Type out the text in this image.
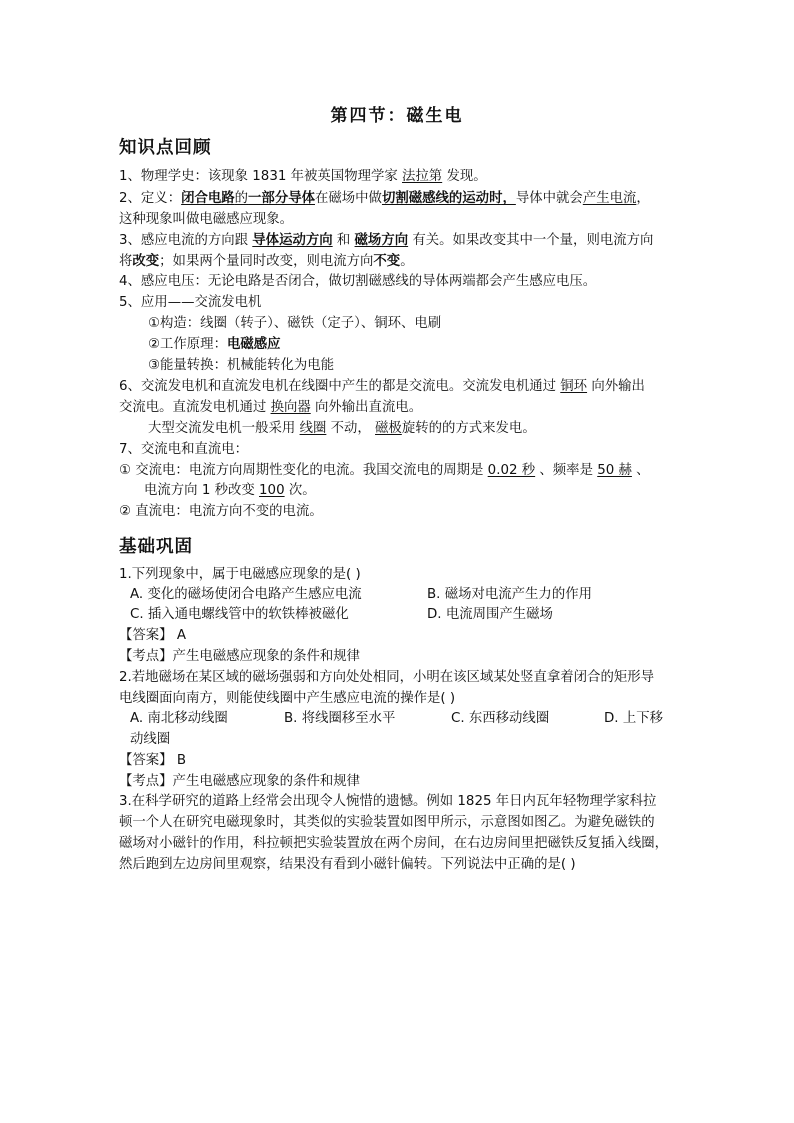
第四节：磁生电
知识点回顾
1、物理学史：该现象 1831 年被英国物理学家 法拉第 发现。
2、定义：闭合电路的一部分导体在磁场中做切割磁感线的运动时，导体中就会产生电流，
这种现象叫做电磁感应现象。
3、感应电流的方向跟 导体运动方向 和 磁场方向 有关。如果改变其中一个量，则电流方向
将改变；如果两个量同时改变，则电流方向不变。
4、感应电压：无论电路是否闭合，做切割磁感线的导体两端都会产生感应电压。
5、应用——交流发电机
①构造：线圈（转子）、磁铁（定子）、铜环、电刷
②工作原理：电磁感应
③能量转换：机械能转化为电能
6、交流发电机和直流发电机在线圈中产生的都是交流电。交流发电机通过 铜环 向外输出
交流电。直流发电机通过 换向器 向外输出直流电。
大型交流发电机一般采用 线圈 不动， 磁极旋转的的方式来发电。
7、交流电和直流电：
① 交流电：电流方向周期性变化的电流。我国交流电的周期是 0.02 秒 、频率是 50 赫 、
电流方向 1 秒改变 100 次。
② 直流电：电流方向不变的电流。
基础巩固
1.下列现象中，属于电磁感应现象的是( )
A. 变化的磁场使闭合电路产生感应电流	B. 磁场对电流产生力的作用
C. 插入通电螺线管中的软铁棒被磁化	D. 电流周围产生磁场
【答案】 A
【考点】产生电磁感应现象的条件和规律
2.若地磁场在某区域的磁场强弱和方向处处相同，小明在该区域某处竖直拿着闭合的矩形导
电线圈面向南方，则能使线圈中产生感应电流的操作是( )
A. 南北移动线圈	B. 将线圈移至水平	C. 东西移动线圈	D. 上下移
动线圈
【答案】 B
【考点】产生电磁感应现象的条件和规律
3.在科学研究的道路上经常会出现令人惋惜的遗憾。例如 1825 年日内瓦年轻物理学家科拉
顿一个人在研究电磁现象时，其类似的实验装置如图甲所示，示意图如图乙。为避免磁铁的
磁场对小磁针的作用，科拉顿把实验装置放在两个房间，在右边房间里把磁铁反复插入线圈，
然后跑到左边房间里观察，结果没有看到小磁针偏转。下列说法中正确的是( )
